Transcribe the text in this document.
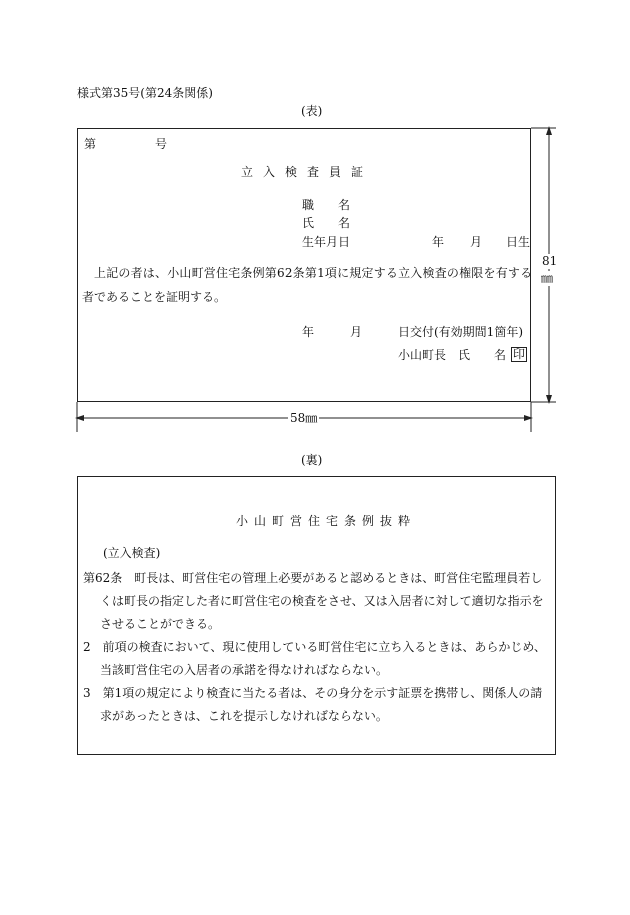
様式第35号(第24条関係)
(表)
第	号
立入検査員証
職　　名
氏　　名
生年月日	年 月 日生
上記の者は、小山町営住宅条例第62条第1項に規定する立入検査の権限を有する
者であることを証明する。
年	月	日交付(有効期間1箇年)
小山町長　氏　　名 印
81
㎜
58㎜
(裏)
小山町営住宅条例抜粋
(立入検査)
第62条　町長は、町営住宅の管理上必要があると認めるときは、町営住宅監理員若しくは町長の指定した者に町営住宅の検査をさせ、又は入居者に対して適切な指示をさせることができる。
2　前項の検査において、現に使用している町営住宅に立ち入るときは、あらかじめ、当該町営住宅の入居者の承諾を得なければならない。
3　第1項の規定により検査に当たる者は、その身分を示す証票を携帯し、関係人の請求があったときは、これを提示しなければならない。
